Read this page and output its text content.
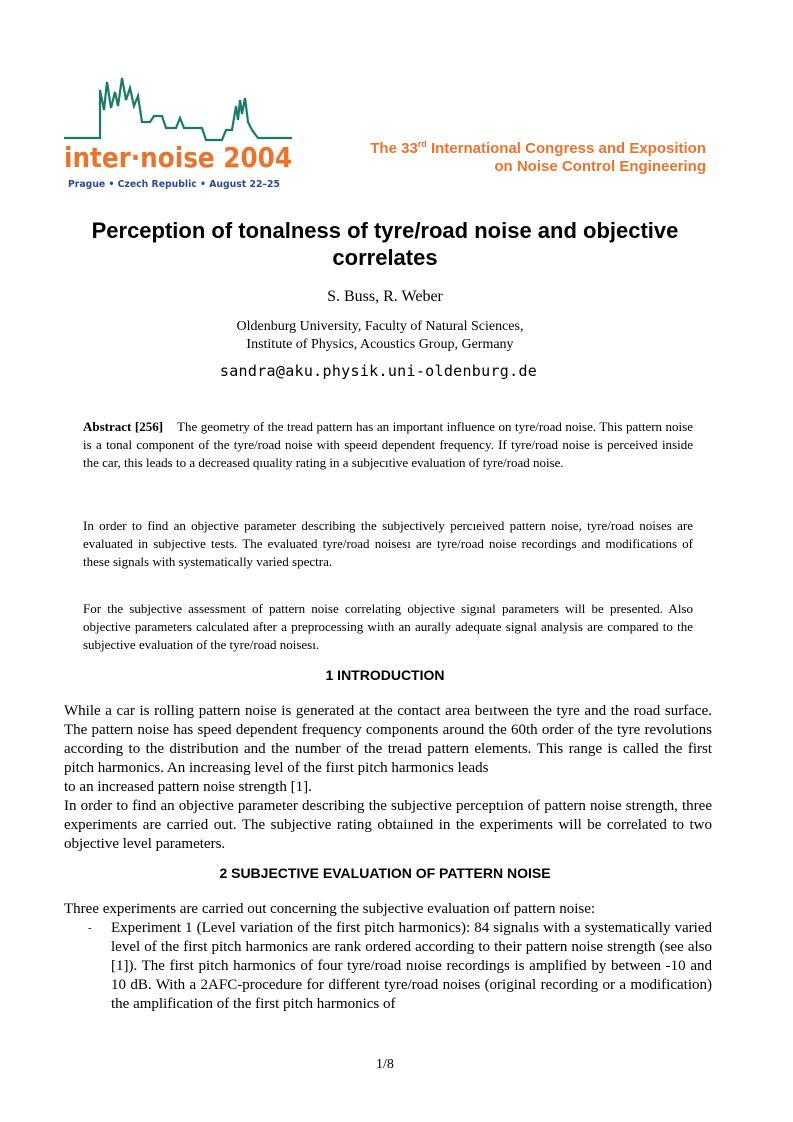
inter·noise 2004
Prague • Czech Republic • August 22–25
The 33rd International Congress and Exposition
on Noise Control Engineering
Perception of tonalness of tyre/road noise and objective correlates
S. Buss, R. Weber
Oldenburg University, Faculty of Natural Sciences,
Institute of Physics, Acoustics Group, Germany
sandra@aku.physik.uni-oldenburg.de

Abstract [256] The geometry of the tread pattern has an important influence on tyre/road noise. This pattern noise is a tonal component of the tyre/road noise with speeıd dependent frequency. If tyre/road noise is perceived inside the car, this leads to a decreased qıuality rating in a subjecıtive evaluation of tyre/road noise.

In order to find an objective parameter describing the subjectively percıeived pattern noise, tyre/road noises are evaluated in subjective tests. The evaluated tyre/road noisesı are tyre/road noise recordings and modifications of these signals with systematically varied spectra.

For the subjective assessment of pattern noise correlating objective sigınal parameters will be presented. Also objective parameters calculated after a preprocessing wiıth an aurally adequate signal analysis are compared to the subjective evaluation of the tyre/road noisesı.

1 INTRODUCTION
While a car is rolling pattern noise is generated at the contact area beıtween the tyre and the road surface. The pattern noise has speed dependent frequency components around the 60th order of the tyre revolutions according to the distribution and the number of the treıad pattern elements. This range is called the first pitch harmonics. An increasing level of the fiırst pitch harmonics leads
to an increased pattern noise strength [1].
In order to find an objective parameter describing the subjective perceptıion of pattern noise strength, three experiments are carried out. The subjective rating obtaiıned in the experiments will be correlated to two objective level parameters.
2 SUBJECTIVE EVALUATION OF PATTERN NOISE

Three experiments are carried out concerning the subjective evaluation oıf pattern noise:

- Experiment 1 (Level variation of the first pitch harmonics): 84 signalıs with a systematically varied level of the first pitch harmonics are rank ordered according to their pattern noise strength (see also [1]). The first pitch harmonics of four tyre/road nıoise recordings is amplified by between -10 and 10 dB. With a 2AFC-procedure for different tyre/road noises (original recording or a modification) the amplification of the first pitch harmonics of
1/8
